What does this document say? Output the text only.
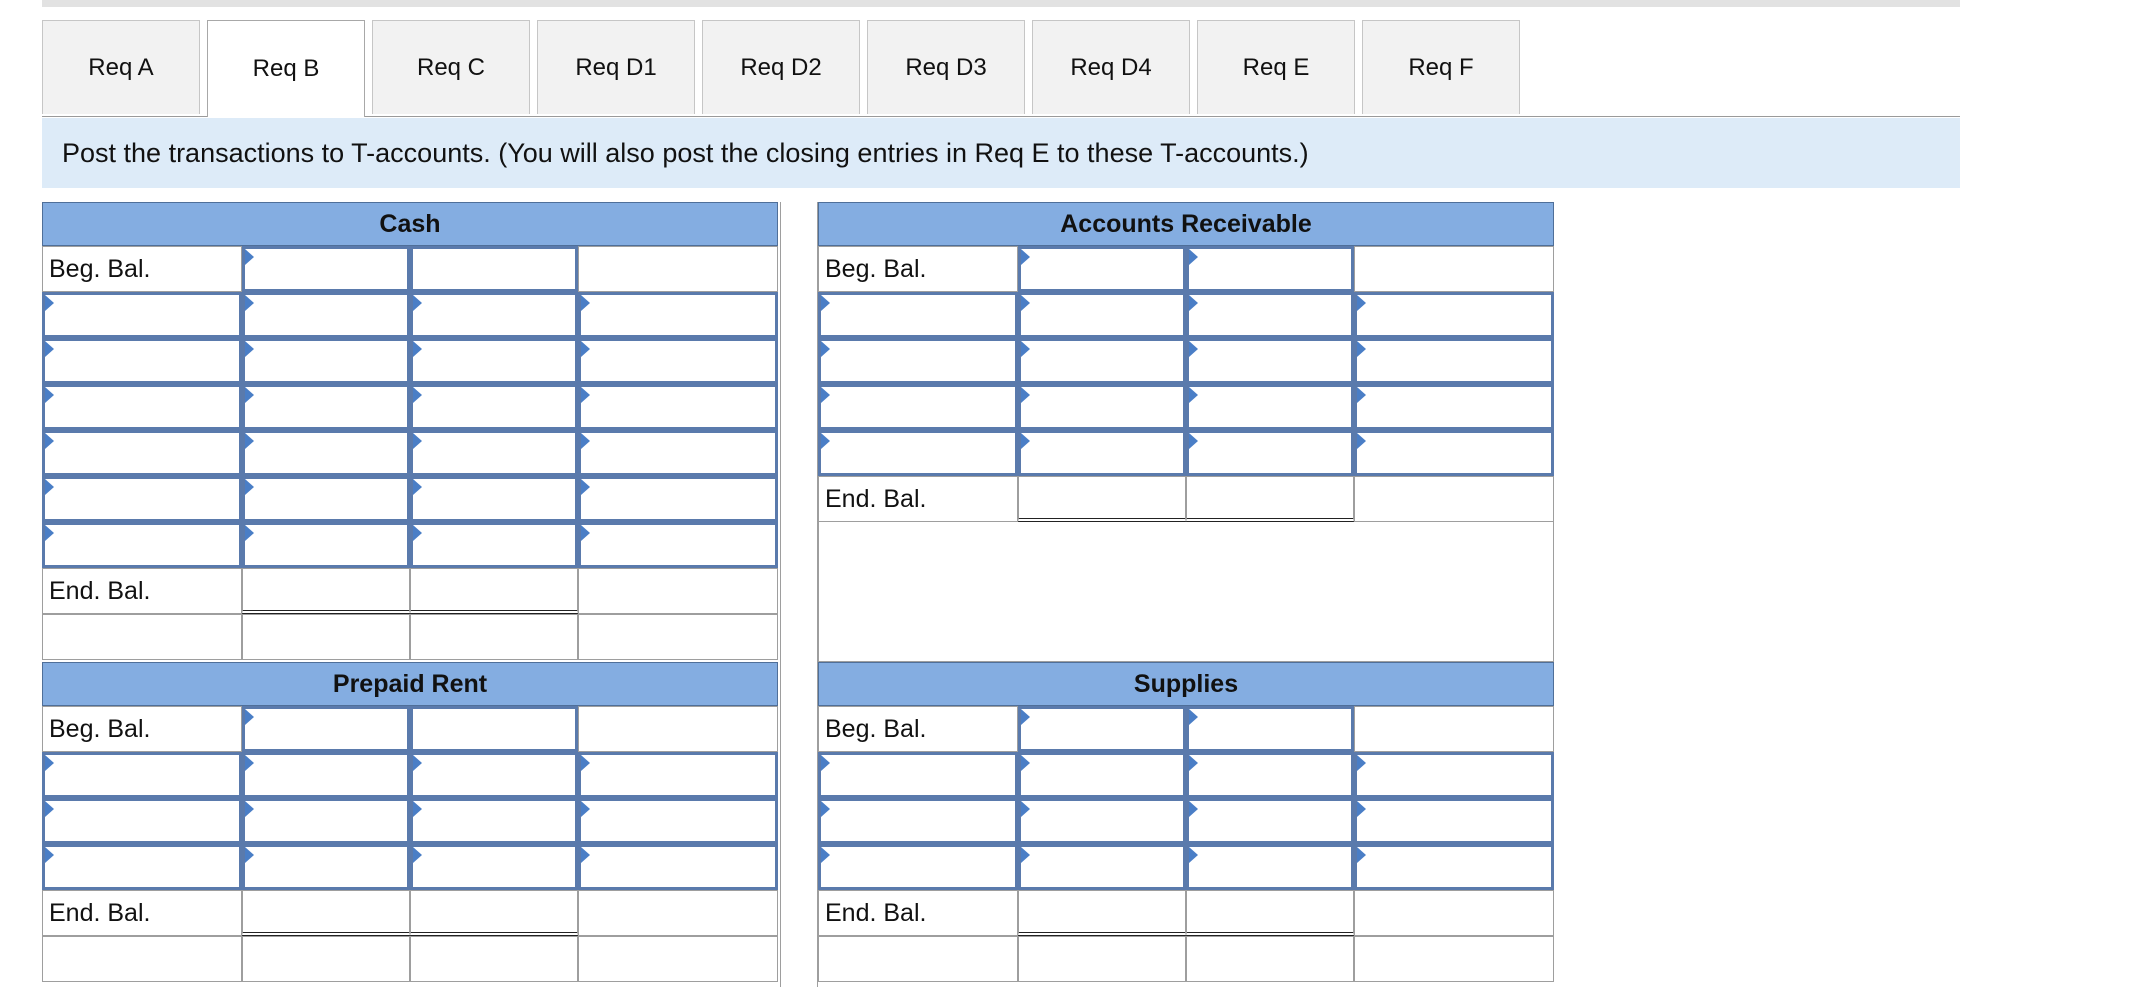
Req A	Req B	Req C	Req D1	Req D2	Req D3	Req D4	Req E	Req F
Post the transactions to T-accounts. (You will also post the closing entries in Req E to these T-accounts.)
Cash
Beg. Bal.
End. Bal.
Accounts Receivable
Beg. Bal.
End. Bal.
Prepaid Rent
Beg. Bal.
End. Bal.
Supplies
Beg. Bal.
End. Bal.
